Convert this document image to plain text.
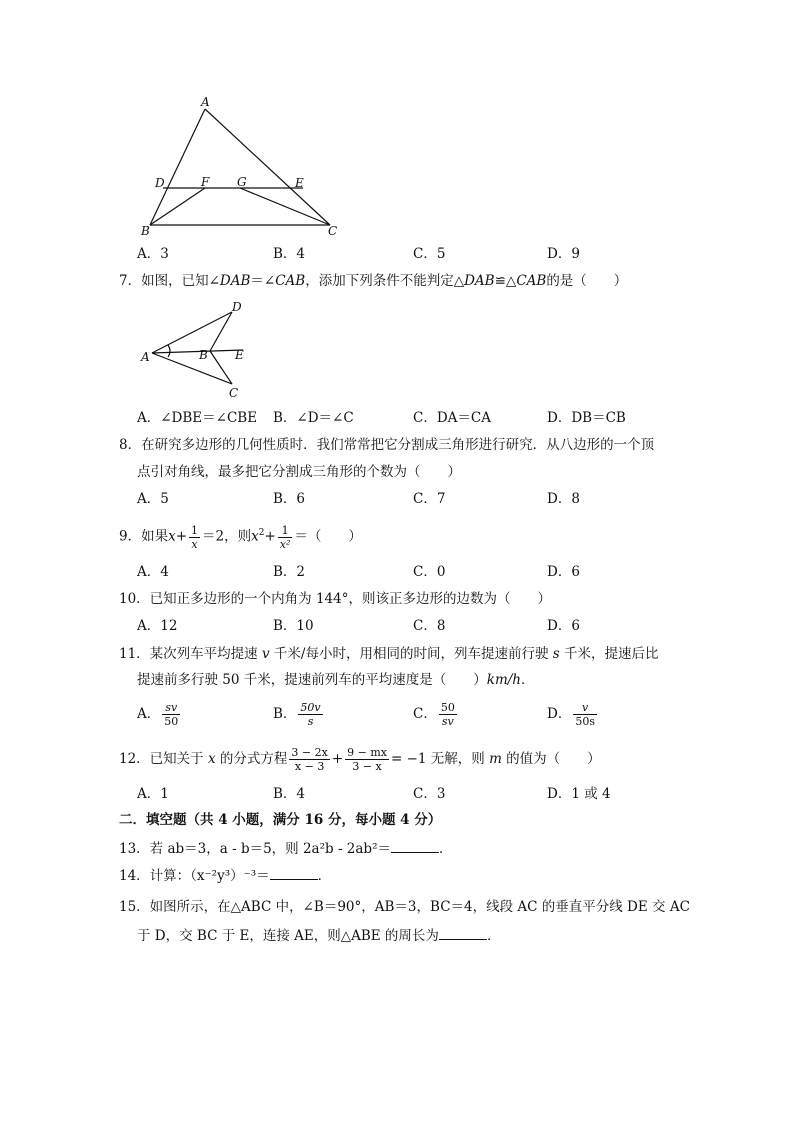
A
D	F G	E
B	C
A．3	B．4	C．5	D．9
7．如图，已知∠DAB＝∠CAB，添加下列条件不能判定△DAB≌△CAB的是（　　）
D
A	B E
C
A．∠DBE＝∠CBE B．∠D＝∠C	C．DA＝CA	D．DB＝CB
8．在研究多边形的几何性质时．我们常常把它分割成三角形进行研究．从八边形的一个顶
点引对角线，最多把它分割成三角形的个数为（　　）
A．5	B．6	C．7	D．8
9．如果$x+ \frac{1}{x} =2$，则$x^2+ \frac{1}{\text{x²}}$ ＝（　　）
A．4	B．2	C．0	D．6
10．已知正多边形的一个内角为 144°，则该正多边形的边数为（　　）
A．12	B．10	C．8	D．6
11．某次列车平均提速 v 千米/每小时，用相同的时间，列车提速前行驶 s 千米，提速后比
提速前多行驶 50 千米，提速前列车的平均速度是（　　）km/h．
A． $\frac{sv}{50}$	B． $\frac{50v}{s}$	C． $\frac{50}{sv}$	D． $\frac{v}{50s}$
12．已知关于 x 的分式方程 $\frac{3 - 2x}{x - 3} + \frac{9 - mx}{3 - x} = -1$ 无解，则 m 的值为（　　）
A．1	B．4	C．3	D．1 或 4
二．填空题（共 4 小题，满分 16 分，每小题 4 分）
13．若 ab＝3，a - b＝5，则 2a²b - 2ab²＝	．
14．计算：（x⁻²y³）⁻³＝	．
15．如图所示，在△ABC 中，∠B＝90°，AB＝3，BC＝4，线段 AC 的垂直平分线 DE 交 AC
于 D，交 BC 于 E，连接 AE，则△ABE 的周长为	．
